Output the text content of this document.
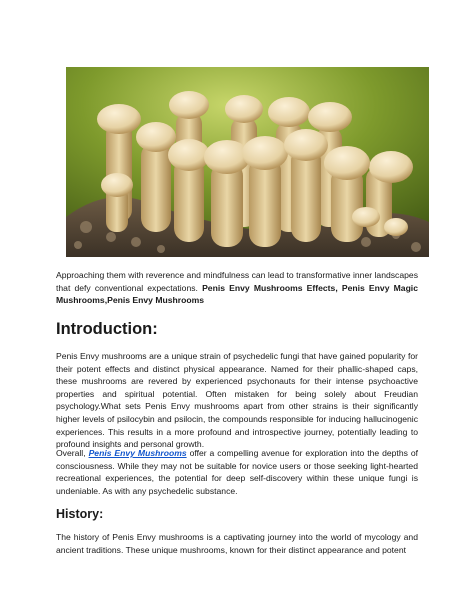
Approaching them with reverence and mindfulness can lead to transformative inner landscapes that defy conventional expectations. Penis Envy Mushrooms Effects, Penis Envy Magic Mushrooms,Penis Envy Mushrooms

Introduction:

Penis Envy mushrooms are a unique strain of psychedelic fungi that have gained popularity for their potent effects and distinct physical appearance. Named for their phallic-shaped caps, these mushrooms are revered by experienced psychonauts for their intense psychoactive properties and spiritual potential. Often mistaken for being solely about Freudian psychology.What sets Penis Envy mushrooms apart from other strains is their significantly higher levels of psilocybin and psilocin, the compounds responsible for inducing hallucinogenic experiences. This results in a more profound and introspective journey, potentially leading to profound insights and personal growth.

Overall, Penis Envy Mushrooms offer a compelling avenue for exploration into the depths of consciousness. While they may not be suitable for novice users or those seeking light-hearted recreational experiences, the potential for deep self-discovery within these unique fungi is undeniable. As with any psychedelic substance.

History:

The history of Penis Envy mushrooms is a captivating journey into the world of mycology and ancient traditions. These unique mushrooms, known for their distinct appearance and potent
